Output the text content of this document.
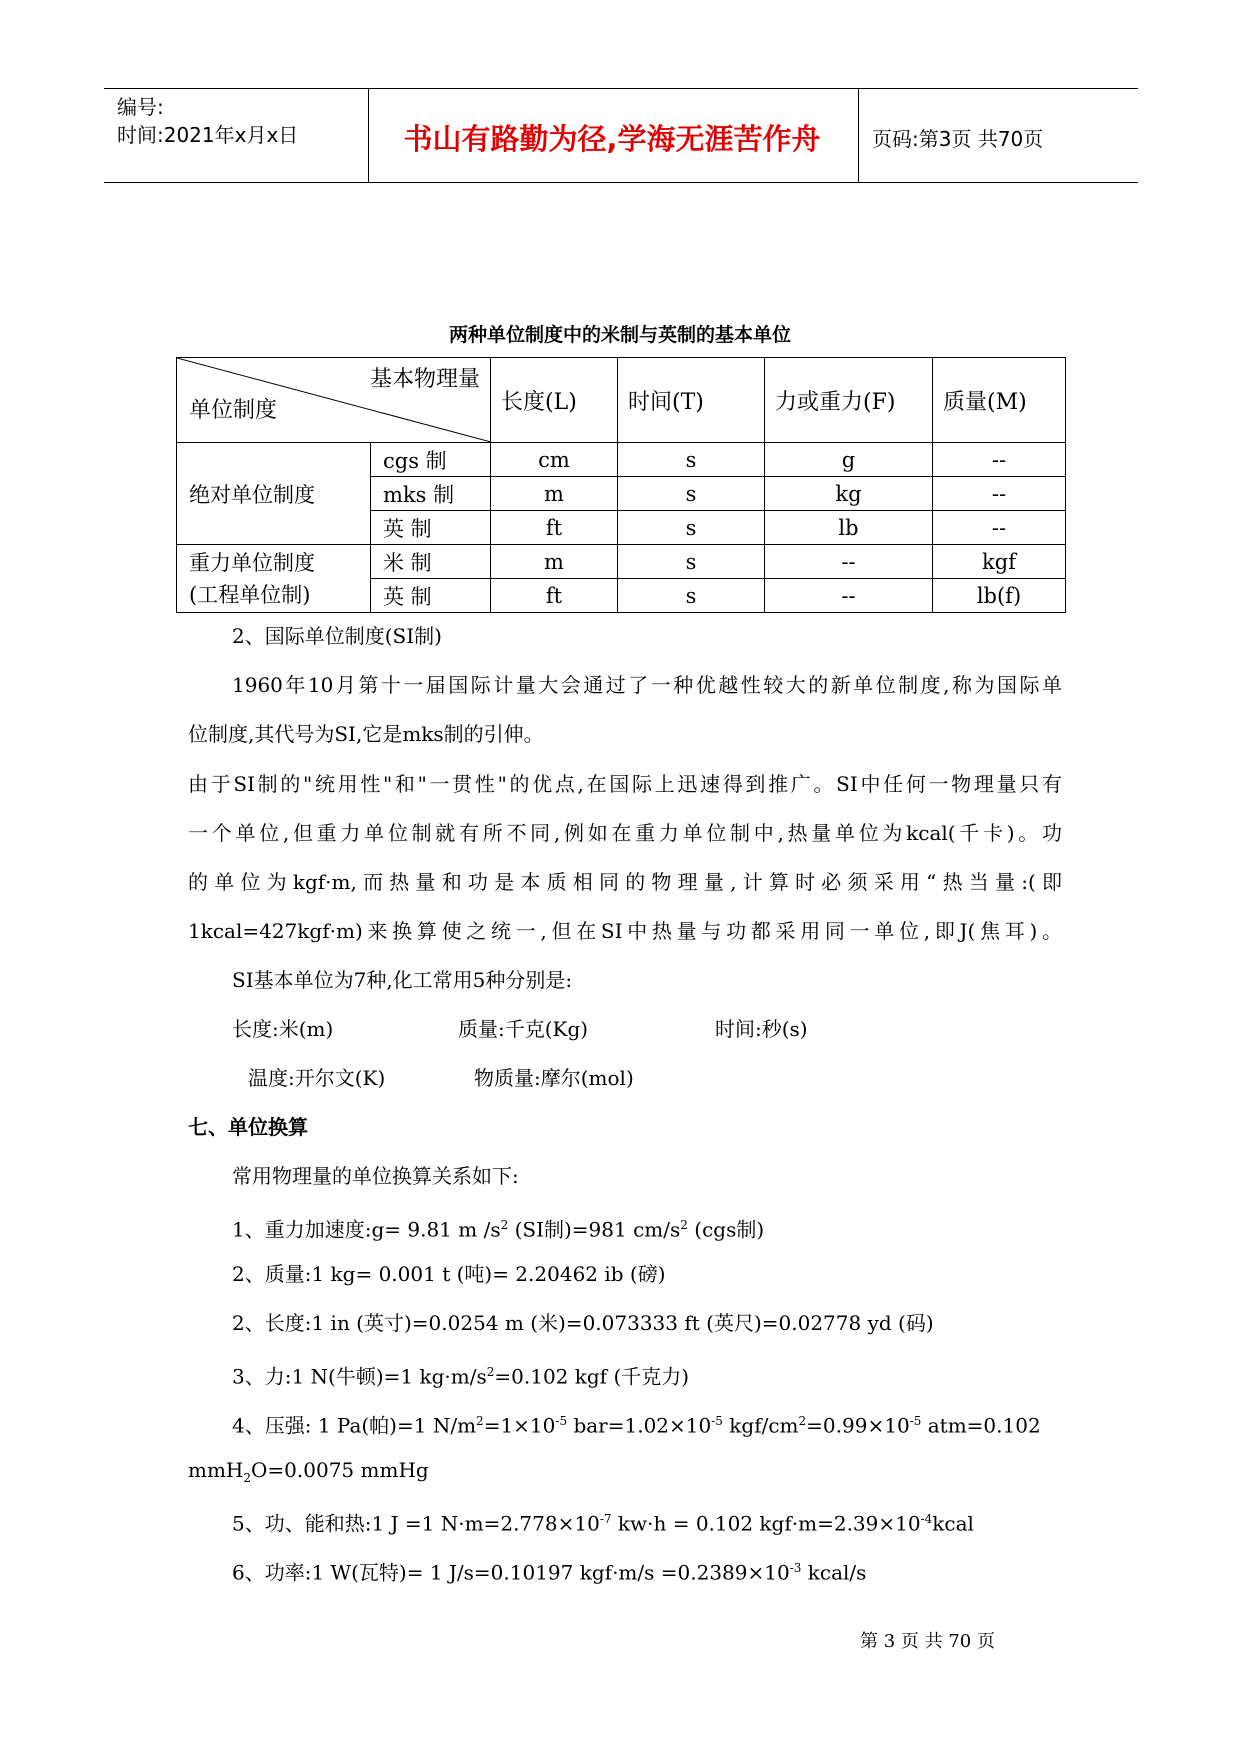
编号:
时间:2021年x月x日	书山有路勤为径,学海无涯苦作舟	页码:第3页 共70页
两种单位制度中的米制与英制的基本单位
基本物理量
单位制度		长度(L)	时间(T)	力或重力(F)	质量(M)
绝对单位制度	cgs 制	cm	s	g	--
	mks 制	m	s	kg	--
	英 制	ft	s	lb	--

重力单位制度
(工程单位制)	米 制	m	s	--	kgf
	英 制	ft	s	--	lb(f)
2、国际单位制度(SI制)
1960年10月第十一届国际计量大会通过了一种优越性较大的新单位制度,称为国际单
位制度,其代号为SI,它是mks制的引伸。
由于SI制的"统用性"和"一贯性"的优点,在国际上迅速得到推广。SI中任何一物理量只有
一个单位,但重力单位制就有所不同,例如在重力单位制中,热量单位为kcal(千卡)。功
的单位为kgf·m,而热量和功是本质相同的物理量,计算时必须采用“热当量:(即
1kcal=427kgf·m)来换算使之统一,但在SI中热量与功都采用同一单位,即J(焦耳)。
SI基本单位为7种,化工常用5种分别是:
长度:米(m)	质量:千克(Kg)	时间:秒(s)
温度:开尔文(K)	物质量:摩尔(mol)
七、单位换算
常用物理量的单位换算关系如下:
1、重力加速度:g= 9.81 m $/s^2$ (SI制)=981 $cm/s^2$ (cgs制)
2、质量:1 kg= 0.001 t (吨)= 2.20462 ib (磅)
2、长度:1 in (英寸)=0.0254 m (米)=0.073333 ft (英尺)=0.02778 yd (码)
3、力:1 N(牛顿)=1 $kg\cdot m/s^2=0.102$ kgf (千克力)
4、压强: 1 Pa(帕)=1 $N/m^2=1\times 10^{-5}$ $bar=1.02\times 10^{-5}$ kgf/$cm^2=0.99\times 10^{-5}$ atm=0.102
mmH$_2$O=0.0075 mmHg
5、功、能和热:1 J =1 $N\cdot m=2.778\times 10^{-7}$ kw·h = 0.102 $kgf\cdot m=2.39\times 10^{-4}kcal$
6、功率:1 W(瓦特)= 1 J/s=0.10197 $kgf\cdot m/s =0.2389\times 10^{-3}$ kcal/s
第 3 页 共 70 页
